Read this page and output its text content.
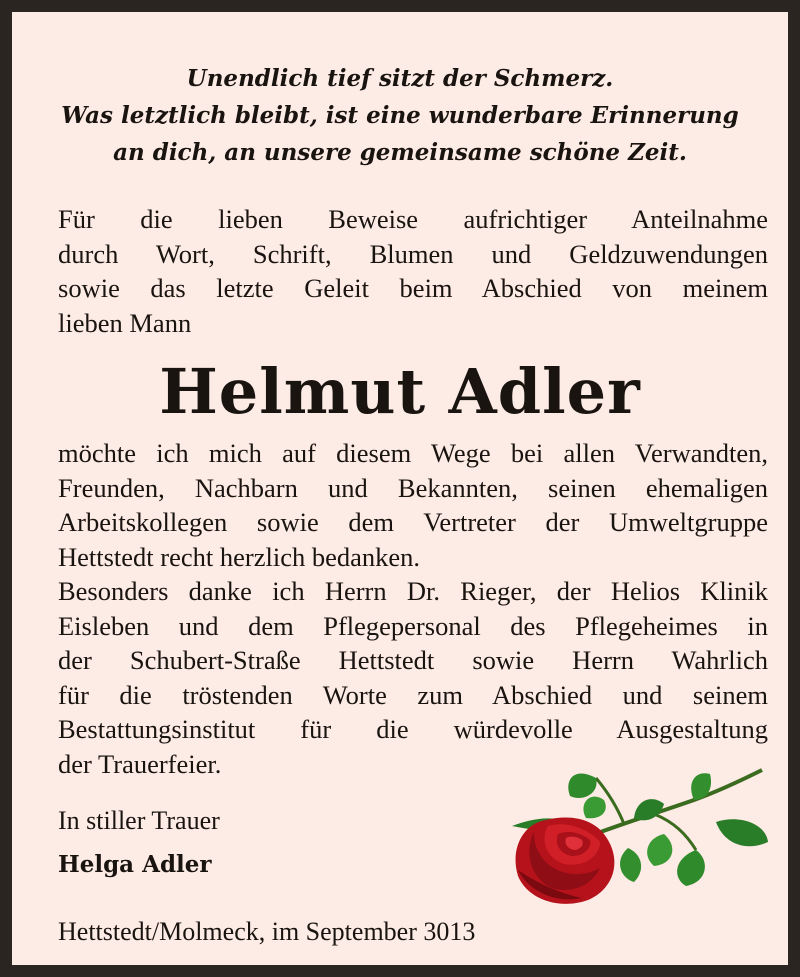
Unendlich tief sitzt der Schmerz.
Was letztlich bleibt, ist eine wunderbare Erinnerung
an dich, an unsere gemeinsame schöne Zeit.
Für die lieben Beweise aufrichtiger Anteilnahme
durch Wort, Schrift, Blumen und Geldzuwendungen
sowie das letzte Geleit beim Abschied von meinem
lieben Mann
Helmut Adler
möchte ich mich auf diesem Wege bei allen Verwandten,
Freunden, Nachbarn und Bekannten, seinen ehemaligen
Arbeitskollegen sowie dem Vertreter der Umweltgruppe
Hettstedt recht herzlich bedanken.
Besonders danke ich Herrn Dr. Rieger, der Helios Klinik
Eisleben und dem Pflegepersonal des Pflegeheimes in
der Schubert-Straße Hettstedt sowie Herrn Wahrlich
für die tröstenden Worte zum Abschied und seinem
Bestattungsinstitut für die würdevolle Ausgestaltung
der Trauerfeier.
In stiller Trauer
Helga Adler
Hettstedt/Molmeck, im September 3013
